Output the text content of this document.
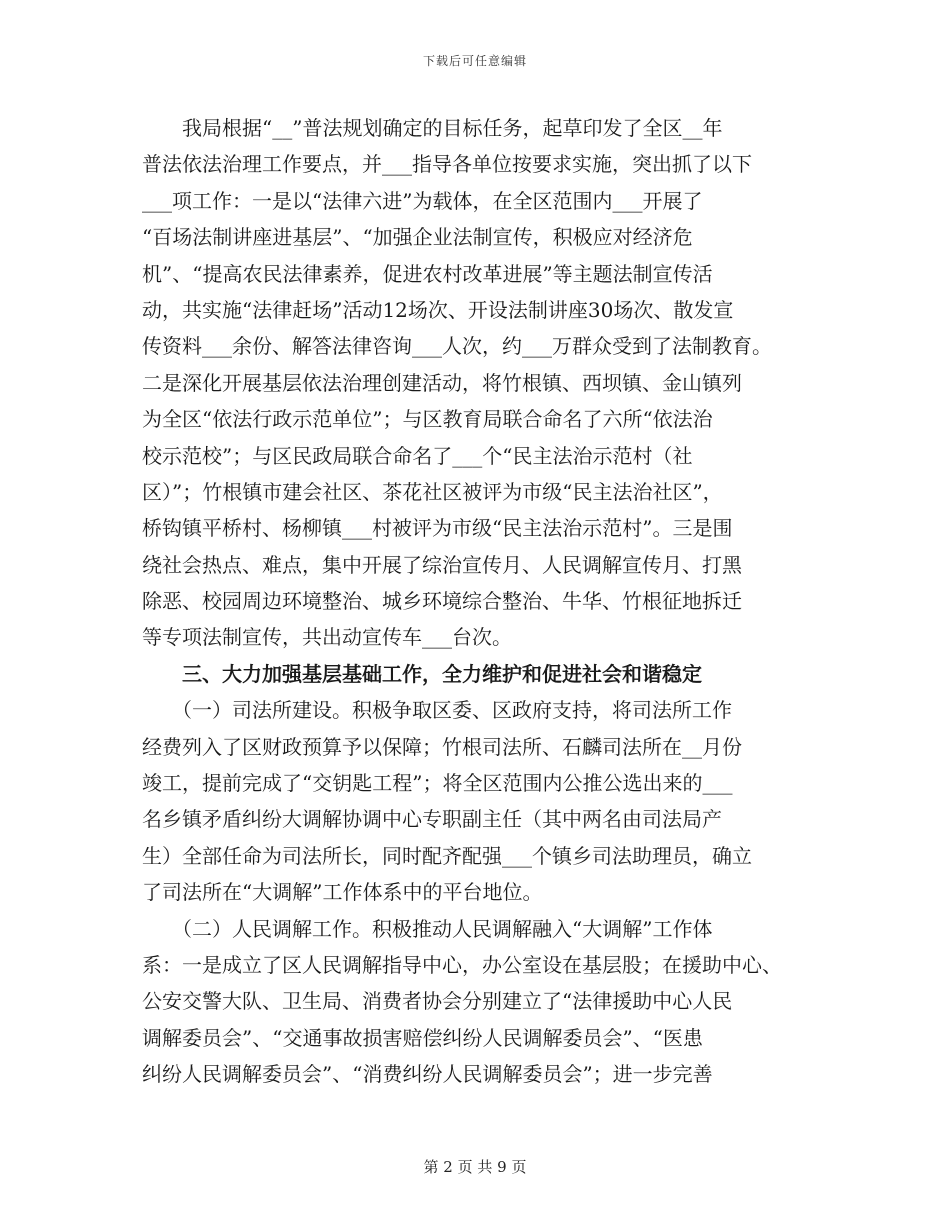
下载后可任意编辑
　　我局根据“__”普法规划确定的目标任务，起草印发了全区__年
普法依法治理工作要点，并___指导各单位按要求实施，突出抓了以下
___项工作：一是以“法律六进”为载体，在全区范围内___开展了
“百场法制讲座进基层”、“加强企业法制宣传，积极应对经济危
机”、“提高农民法律素养，促进农村改革进展”等主题法制宣传活
动，共实施“法律赶场”活动12场次、开设法制讲座30场次、散发宣
传资料___余份、解答法律咨询___人次，约___万群众受到了法制教育。
二是深化开展基层依法治理创建活动，将竹根镇、西坝镇、金山镇列
为全区“依法行政示范单位”；与区教育局联合命名了六所“依法治
校示范校”；与区民政局联合命名了___个“民主法治示范村（社
区）”；竹根镇市建会社区、茶花社区被评为市级“民主法治社区”，
桥钩镇平桥村、杨柳镇___村被评为市级“民主法治示范村”。三是围
绕社会热点、难点，集中开展了综治宣传月、人民调解宣传月、打黑
除恶、校园周边环境整治、城乡环境综合整治、牛华、竹根征地拆迁
等专项法制宣传，共出动宣传车___台次。
　　三、大力加强基层基础工作，全力维护和促进社会和谐稳定
　　（一）司法所建设。积极争取区委、区政府支持，将司法所工作
经费列入了区财政预算予以保障；竹根司法所、石麟司法所在__月份
竣工，提前完成了“交钥匙工程”；将全区范围内公推公选出来的___
名乡镇矛盾纠纷大调解协调中心专职副主任（其中两名由司法局产
生）全部任命为司法所长，同时配齐配强___个镇乡司法助理员，确立
了司法所在“大调解”工作体系中的平台地位。
　　（二）人民调解工作。积极推动人民调解融入“大调解”工作体
系：一是成立了区人民调解指导中心，办公室设在基层股；在援助中心、
公安交警大队、卫生局、消费者协会分别建立了“法律援助中心人民
调解委员会”、“交通事故损害赔偿纠纷人民调解委员会”、“医患
纠纷人民调解委员会”、“消费纠纷人民调解委员会”；进一步完善
第 2 页 共 9 页
